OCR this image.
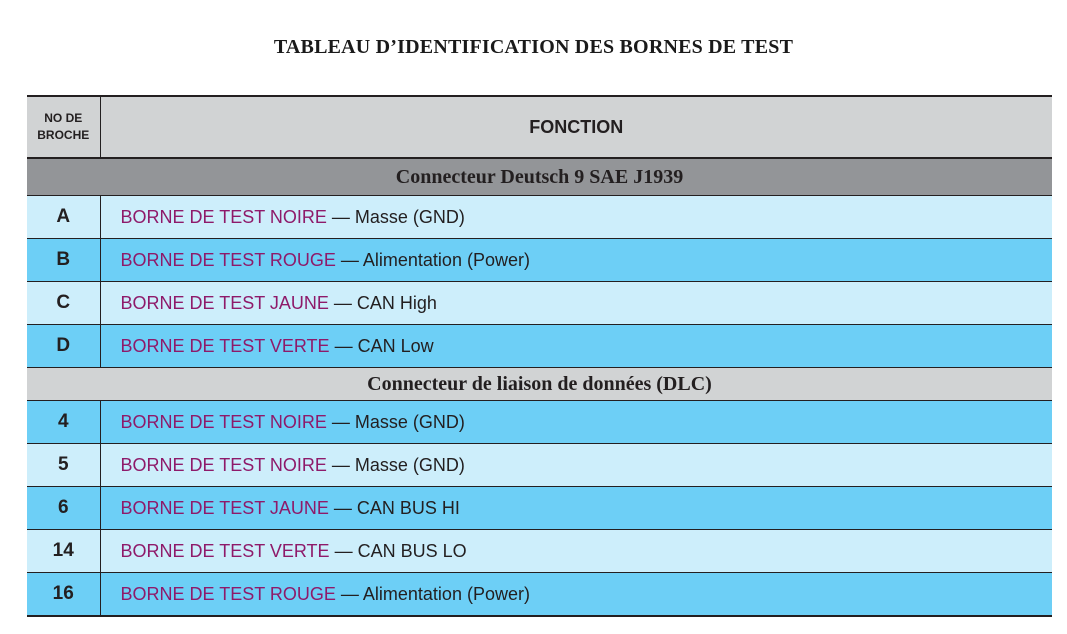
TABLEAU D’IDENTIFICATION DES BORNES DE TEST
NO DE
BROCHE	FONCTION
Connecteur Deutsch 9 SAE J1939	
A	BORNE DE TEST NOIRE — Masse (GND)
B	BORNE DE TEST ROUGE — Alimentation (Power)
C	BORNE DE TEST JAUNE — CAN High
D	BORNE DE TEST VERTE — CAN Low
Connecteur de liaison de données (DLC)	
4	BORNE DE TEST NOIRE — Masse (GND)
5	BORNE DE TEST NOIRE — Masse (GND)
6	BORNE DE TEST JAUNE — CAN BUS HI
14	BORNE DE TEST VERTE — CAN BUS LO
16	BORNE DE TEST ROUGE — Alimentation (Power)
